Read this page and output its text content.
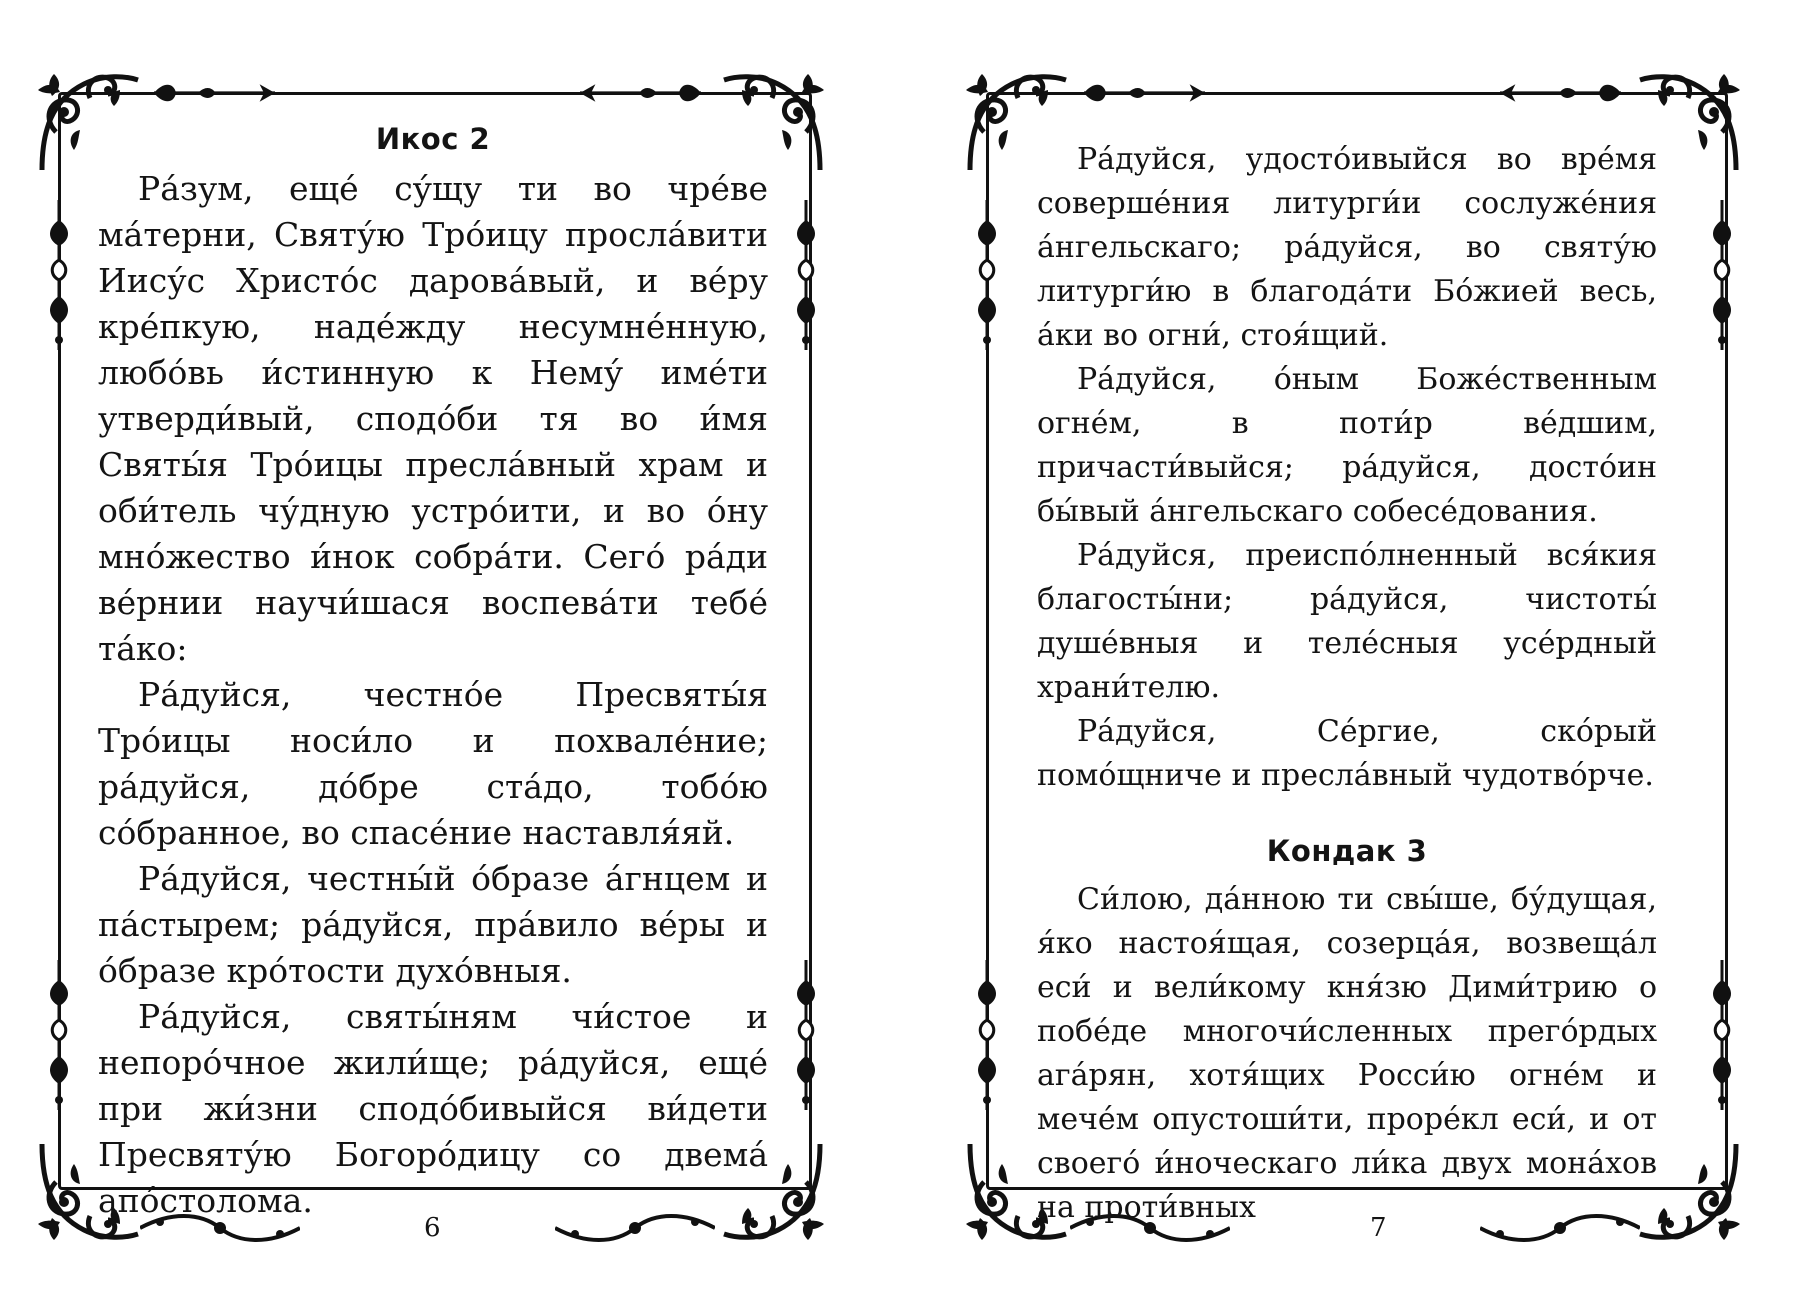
Икос 2

Ра́зум, еще́ су́щу ти во чре́ве ма́терни, Святу́ю Тро́ицу просла́вити Иису́с Христо́с дарова́вый, и ве́ру кре́пкую, наде́жду несумне́нную, любо́вь и́стинную к Нему́ име́ти утверди́вый, сподо́би тя во и́мя Святы́я Тро́ицы пресла́вный храм и оби́тель чу́дную устро́ити, и во о́ну мно́жество и́нок собра́ти. Сего́ ра́ди ве́рнии научи́шася воспева́ти тебе́ та́ко:

Ра́дуйся, честно́е Пресвяты́я Тро́ицы носи́ло и похвале́ние; ра́дуйся, до́бре ста́до, тобо́ю со́бранное, во спасе́ние наставля́яй.

Ра́дуйся, честны́й о́бразе а́гнцем и па́стырем; ра́дуйся, пра́вило ве́ры и о́бразе кро́тости духо́вныя.

Ра́дуйся, святы́ням чи́стое и непоро́чное жили́ще; ра́дуйся, еще́ при жи́зни сподо́бивыйся ви́дети Пресвяту́ю Богоро́дицу со двема́ апо́столома.

6

Ра́дуйся, удосто́ивыйся во вре́мя соверше́ния литурги́и сослуже́ния а́нгельскаго; ра́дуйся, во святу́ю литурги́ю в благода́ти Бо́жией весь, а́ки во огни́, стоя́щий.

Ра́дуйся, о́ным Боже́ственным огне́м, в поти́р ве́дшим, причасти́выйся; ра́дуйся, досто́ин бы́вый а́нгельскаго собесе́дования.

Ра́дуйся, преиспо́лненный вся́кия благосты́ни; ра́дуйся, чистоты́ душе́вныя и теле́сныя усе́рдный храни́телю.

Ра́дуйся, Се́ргие, ско́рый помо́щниче и пресла́вный чудотво́рче.

Кондак 3

Си́лою, да́нною ти свы́ше, бу́дущая, я́ко настоя́щая, созерца́я, возвеща́л еси́ и вели́кому кня́зю Дими́трию о побе́де многочи́сленных прего́рдых ага́рян, хотя́щих Росси́ю огне́м и мече́м опустоши́ти, проре́кл еси́, и от своего́ и́ноческаго ли́ка двух мона́хов на проти́вных

7
